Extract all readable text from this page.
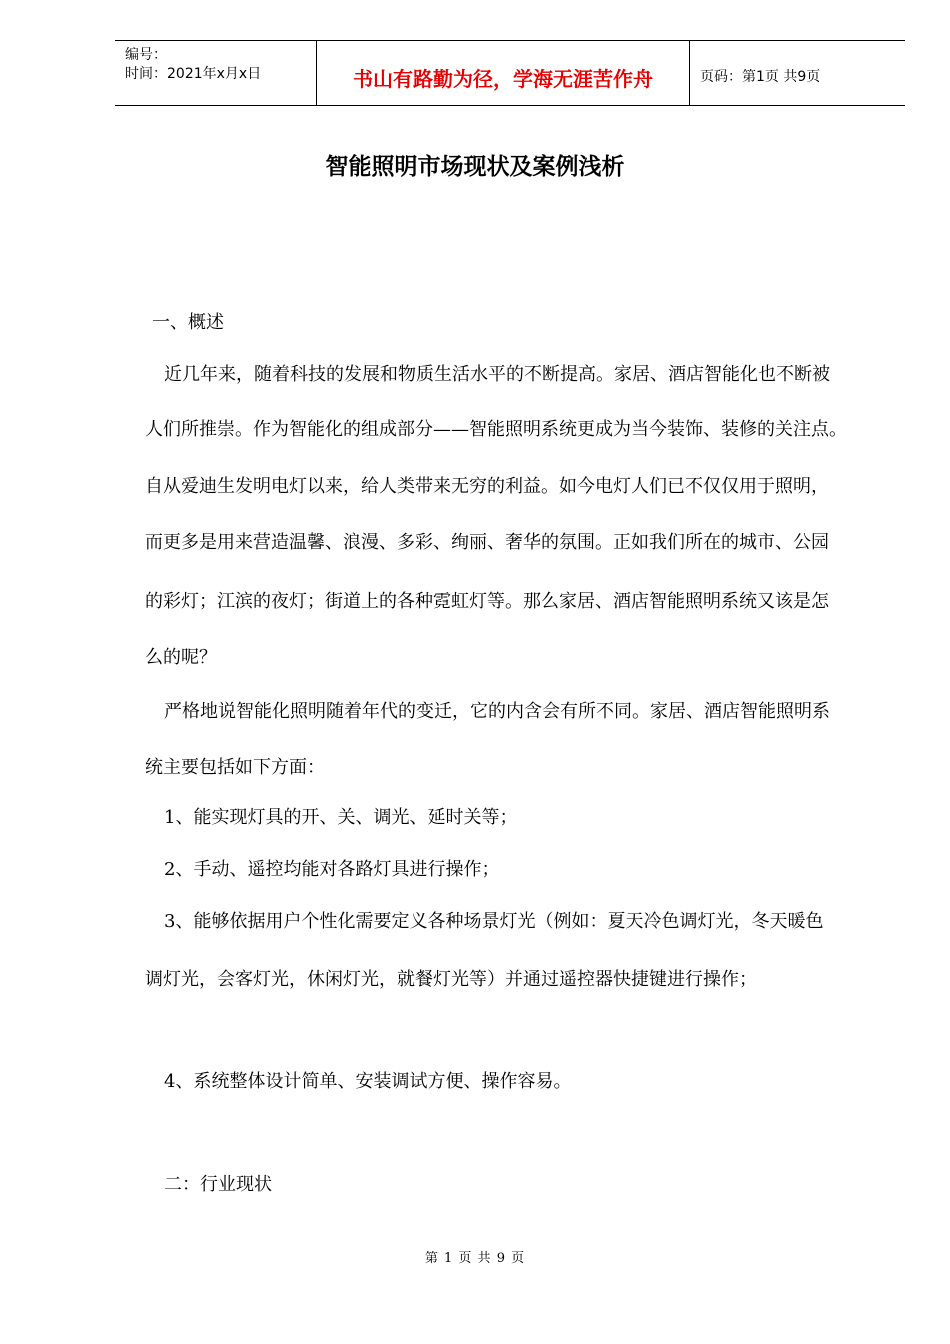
编号：
时间：2021年x月x日	书山有路勤为径，学海无涯苦作舟	页码：第1页 共9页
智能照明市场现状及案例浅析
一、概述
近几年来，随着科技的发展和物质生活水平的不断提高。家居、酒店智能化也不断被
人们所推崇。作为智能化的组成部分——智能照明系统更成为当今装饰、装修的关注点。
自从爱迪生发明电灯以来，给人类带来无穷的利益。如今电灯人们已不仅仅用于照明，
而更多是用来营造温馨、浪漫、多彩、绚丽、奢华的氛围。正如我们所在的城市、公园
的彩灯；江滨的夜灯；街道上的各种霓虹灯等。那么家居、酒店智能照明系统又该是怎
么的呢？
严格地说智能化照明随着年代的变迁，它的内含会有所不同。家居、酒店智能照明系
统主要包括如下方面：
1、能实现灯具的开、关、调光、延时关等；
2、手动、遥控均能对各路灯具进行操作；
3、能够依据用户个性化需要定义各种场景灯光（例如：夏天冷色调灯光，冬天暖色
调灯光，会客灯光，休闲灯光，就餐灯光等）并通过遥控器快捷键进行操作；
4、系统整体设计简单、安装调试方便、操作容易。
二：行业现状
第 1 页 共 9 页
